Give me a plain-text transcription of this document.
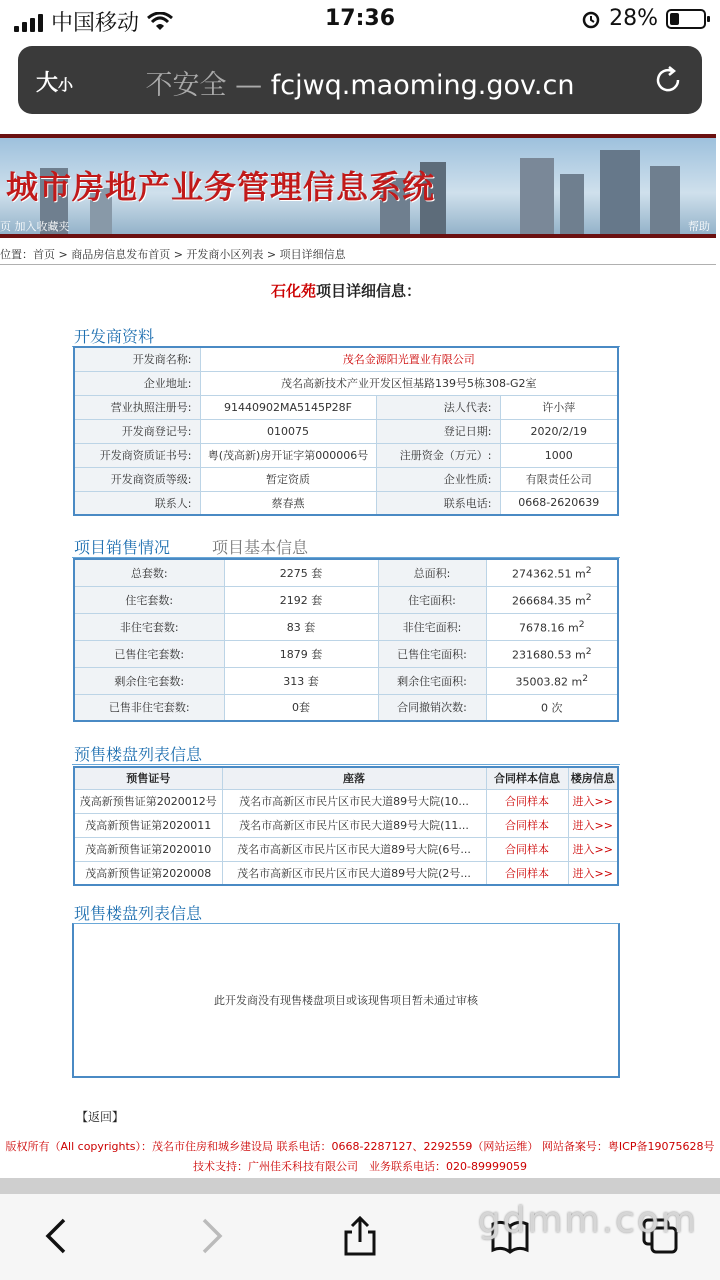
中国移动	17:36	28%
大小	不安全 — fcjwq.maoming.gov.cn
城市房地产业务管理信息系统
页 加入收藏夹	帮助
位置：首页 > 商品房信息发布首页 > 开发商小区列表 > 项目详细信息
石化苑项目详细信息：
开发商资料
开发商名称:	茂名金源阳光置业有限公司		
企业地址:	茂名高新技术产业开发区恒基路139号5栋308-G2室		
营业执照注册号:	91440902MA5145P28F	法人代表:	许小萍
开发商登记号:	010075	登记日期:	2020/2/19
开发商资质证书号:	粤(茂高新)房开证字第000006号	注册资金（万元）:	1000
开发商资质等级:	暂定资质	企业性质:	有限责任公司
联系人:	蔡春燕	联系电话:	0668-2620639
项目销售情况	项目基本信息
总套数:	2275 套	总面积:	274362.51 $m^2$
住宅套数:	2192 套	住宅面积:	266684.35 $m^2$
非住宅套数:	83 套	非住宅面积:	7678.16 $m^2$
已售住宅套数:	1879 套	已售住宅面积:	231680.53 $m^2$
剩余住宅套数:	313 套	剩余住宅面积:	35003.82 $m^2$
已售非住宅套数:	0套	合同撤销次数:	0 次
预售楼盘列表信息
预售证号	座落	合同样本信息	楼房信息
茂高新预售证第2020012号	茂名市高新区市民片区市民大道89号大院(10...	合同样本	进入>>
茂高新预售证第2020011	茂名市高新区市民片区市民大道89号大院(11...	合同样本	进入>>
茂高新预售证第2020010	茂名市高新区市民片区市民大道89号大院(6号...	合同样本	进入>>
茂高新预售证第2020008	茂名市高新区市民片区市民大道89号大院(2号...	合同样本	进入>>
现售楼盘列表信息
此开发商没有现售楼盘项目或该现售项目暂未通过审核
【返回】
版权所有（All copyrights）：茂名市住房和城乡建设局 联系电话：0668-2287127、2292559（网站运维） 网站备案号：粤ICP备19075628号
技术支持：广州佳禾科技有限公司　业务联系电话：020-89999059
gdmm.com
